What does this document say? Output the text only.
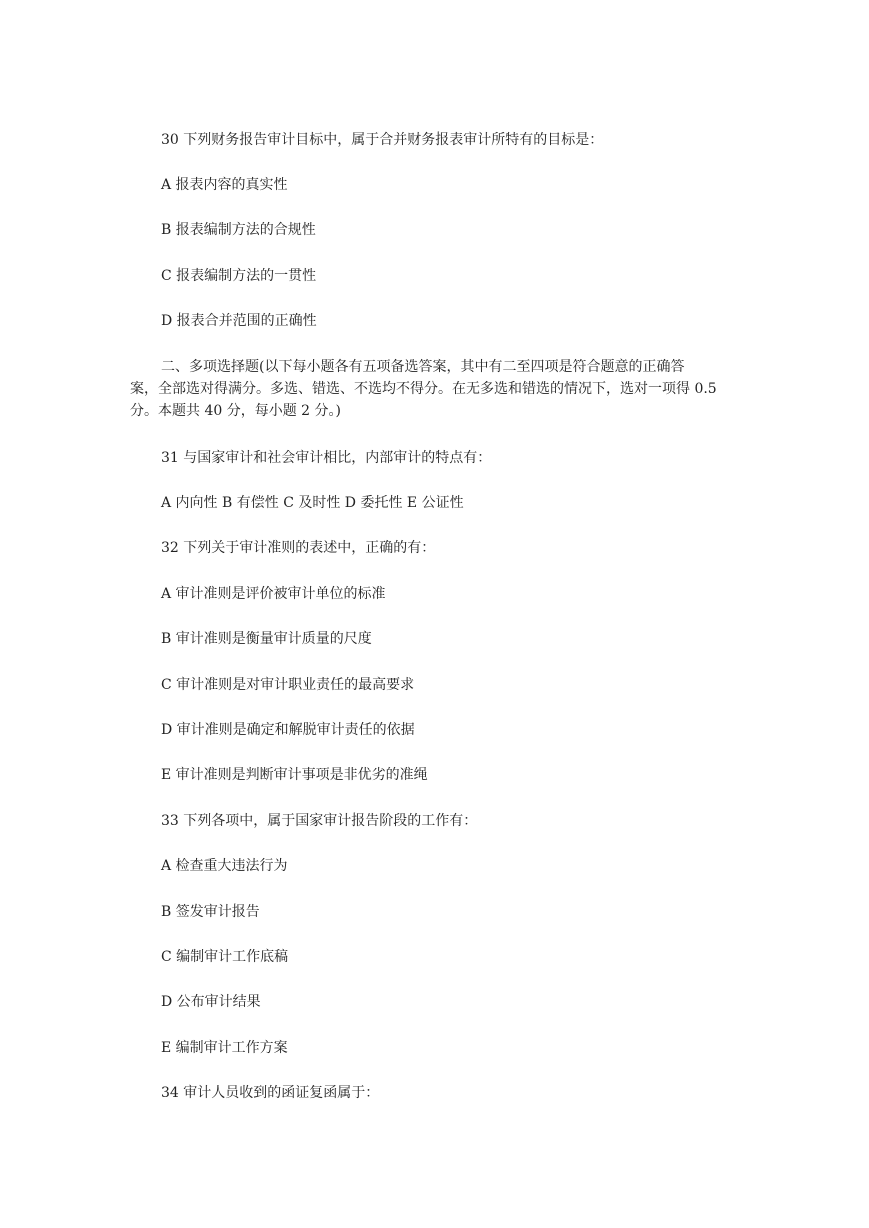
30 下列财务报告审计目标中，属于合并财务报表审计所特有的目标是：
A 报表内容的真实性
B 报表编制方法的合规性
C 报表编制方法的一贯性
D 报表合并范围的正确性
二、多项选择题(以下每小题各有五项备选答案，其中有二至四项是符合题意的正确答
案，全部选对得满分。多选、错选、不选均不得分。在无多选和错选的情况下，选对一项得 0.5 分。本题共 40 分，每小题 2 分。)
31 与国家审计和社会审计相比，内部审计的特点有：
A 内向性 B 有偿性 C 及时性 D 委托性 E 公证性
32 下列关于审计准则的表述中，正确的有：
A 审计准则是评价被审计单位的标准
B 审计准则是衡量审计质量的尺度
C 审计准则是对审计职业责任的最高要求
D 审计准则是确定和解脱审计责任的依据
E 审计准则是判断审计事项是非优劣的准绳
33 下列各项中，属于国家审计报告阶段的工作有：
A 检查重大违法行为
B 签发审计报告
C 编制审计工作底稿
D 公布审计结果
E 编制审计工作方案
34 审计人员收到的函证复函属于：
